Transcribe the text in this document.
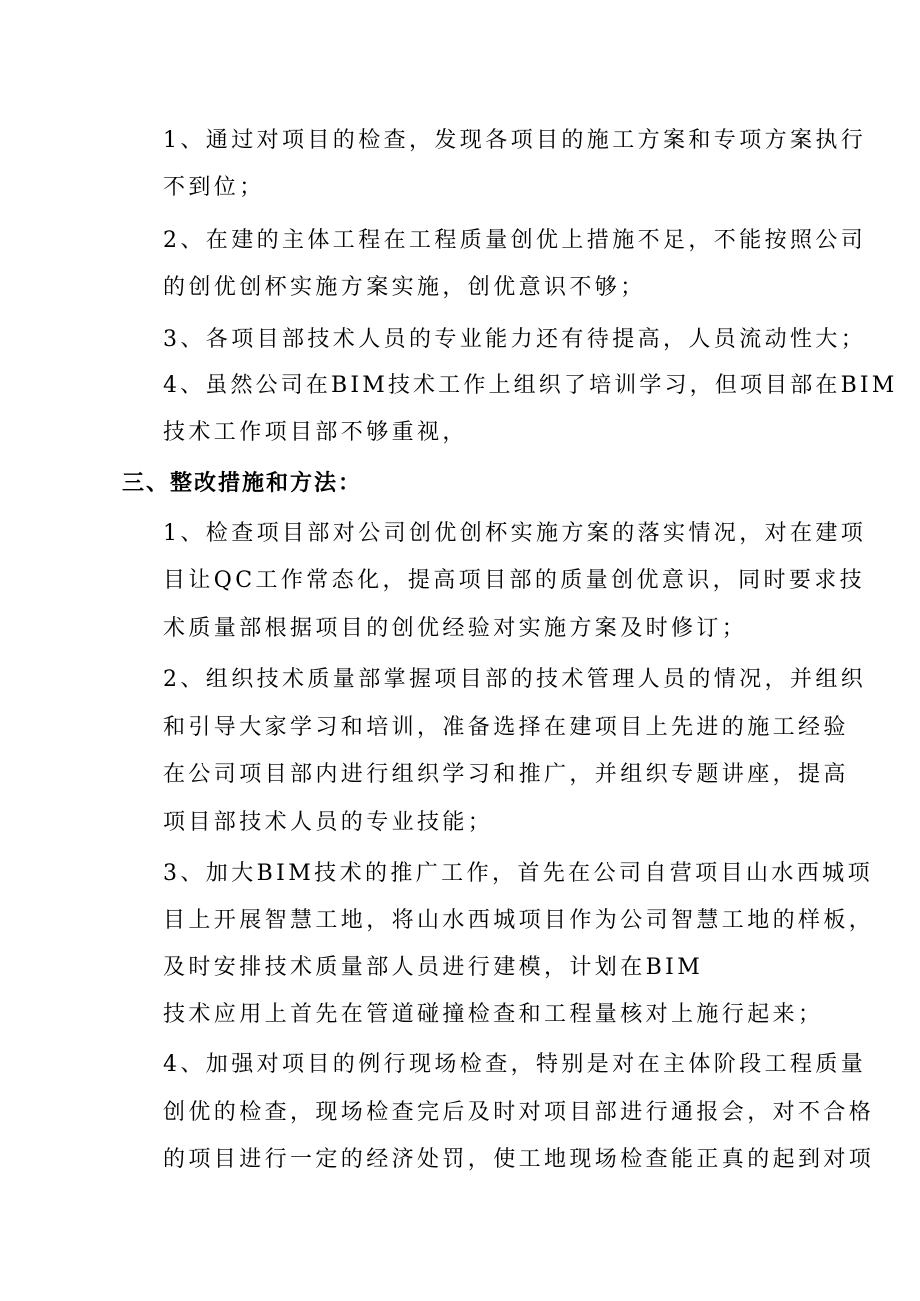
1、通过对项目的检查，发现各项目的施工方案和专项方案执行
不到位；
2、在建的主体工程在工程质量创优上措施不足，不能按照公司
的创优创杯实施方案实施，创优意识不够；
3、各项目部技术人员的专业能力还有待提高，人员流动性大；
4、虽然公司在BIM技术工作上组织了培训学习，但项目部在BIM
技术工作项目部不够重视，
三、整改措施和方法：
1、检查项目部对公司创优创杯实施方案的落实情况，对在建项
目让QC工作常态化，提高项目部的质量创优意识，同时要求技
术质量部根据项目的创优经验对实施方案及时修订；
2、组织技术质量部掌握项目部的技术管理人员的情况，并组织
和引导大家学习和培训，准备选择在建项目上先进的施工经验
在公司项目部内进行组织学习和推广，并组织专题讲座，提高
项目部技术人员的专业技能；
3、加大BIM技术的推广工作，首先在公司自营项目山水西城项
目上开展智慧工地，将山水西城项目作为公司智慧工地的样板，
及时安排技术质量部人员进行建模，计划在BIM
技术应用上首先在管道碰撞检查和工程量核对上施行起来；
4、加强对项目的例行现场检查，特别是对在主体阶段工程质量
创优的检查，现场检查完后及时对项目部进行通报会，对不合格
的项目进行一定的经济处罚，使工地现场检查能正真的起到对项
